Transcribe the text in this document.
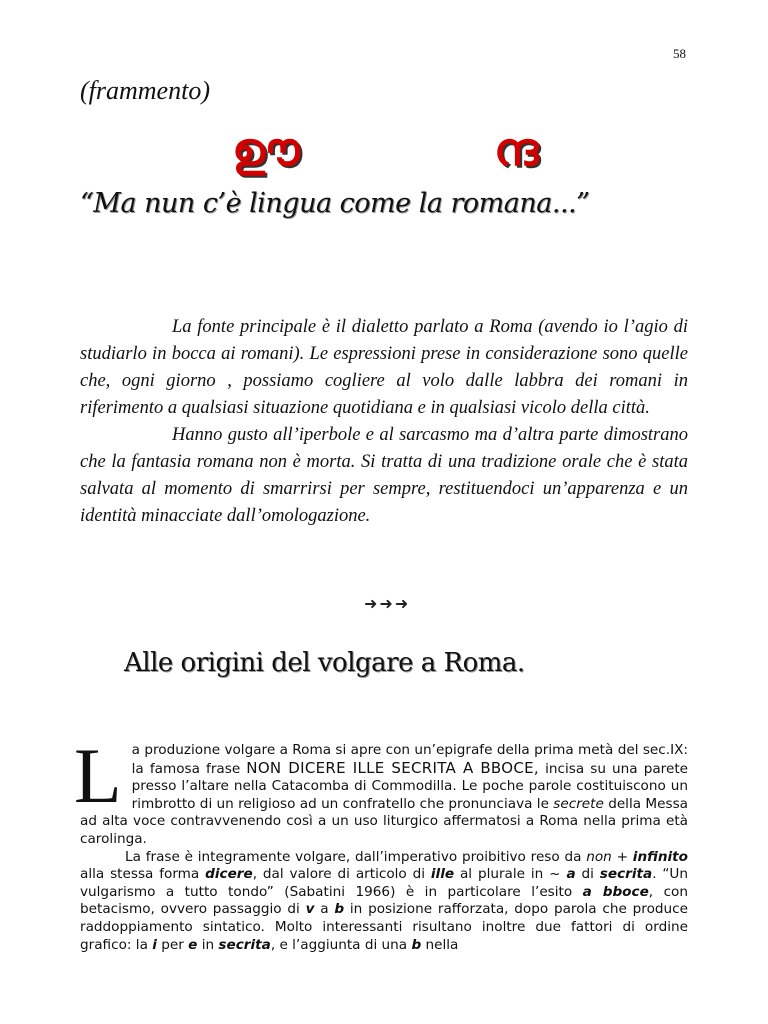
58
(frammento)
ഊ	ന്ദ
“Ma nun c’è lingua come la romana...”

La fonte principale è il dialetto parlato a Roma (avendo io l’agio di studiarlo in bocca ai romani). Le espressioni prese in considerazione sono quelle che, ogni giorno , possiamo cogliere al volo dalle labbra dei romani in riferimento a qualsiasi situazione quotidiana e in qualsiasi vicolo della città.

Hanno gusto all’iperbole e al sarcasmo ma d’altra parte dimostrano che la fantasia romana non è morta. Si tratta di una tradizione orale che è stata salvata al momento di smarrirsi per sempre, restituendoci un’apparenza e un identità minacciate dall’omologazione.

➜➜➜
Alle origini del volgare a Roma.

La produzione volgare a Roma si apre con un’epigrafe della prima metà del sec.IX: la famosa frase NON DICERE ILLE SECRITA A BBOCE, incisa su una parete presso l’altare nella Catacomba di Commodilla. Le poche parole costituiscono un rimbrotto di un religioso ad un confratello che pronunciava le secrete della Messa ad alta voce contravvenendo così a un uso liturgico affermatosi a Roma nella prima età carolinga.

La frase è integramente volgare, dall’imperativo proibitivo reso da non + infinito alla stessa forma dicere, dal valore di articolo di ille al plurale in ~ a di secrita. “Un vulgarismo a tutto tondo” (Sabatini 1966) è in particolare l’esito a bboce, con betacismo, ovvero passaggio di v a b in posizione rafforzata, dopo parola che produce raddoppiamento sintatico. Molto interessanti risultano inoltre due fattori di ordine grafico: la i per e in secrita, e l’aggiunta di una b nella
